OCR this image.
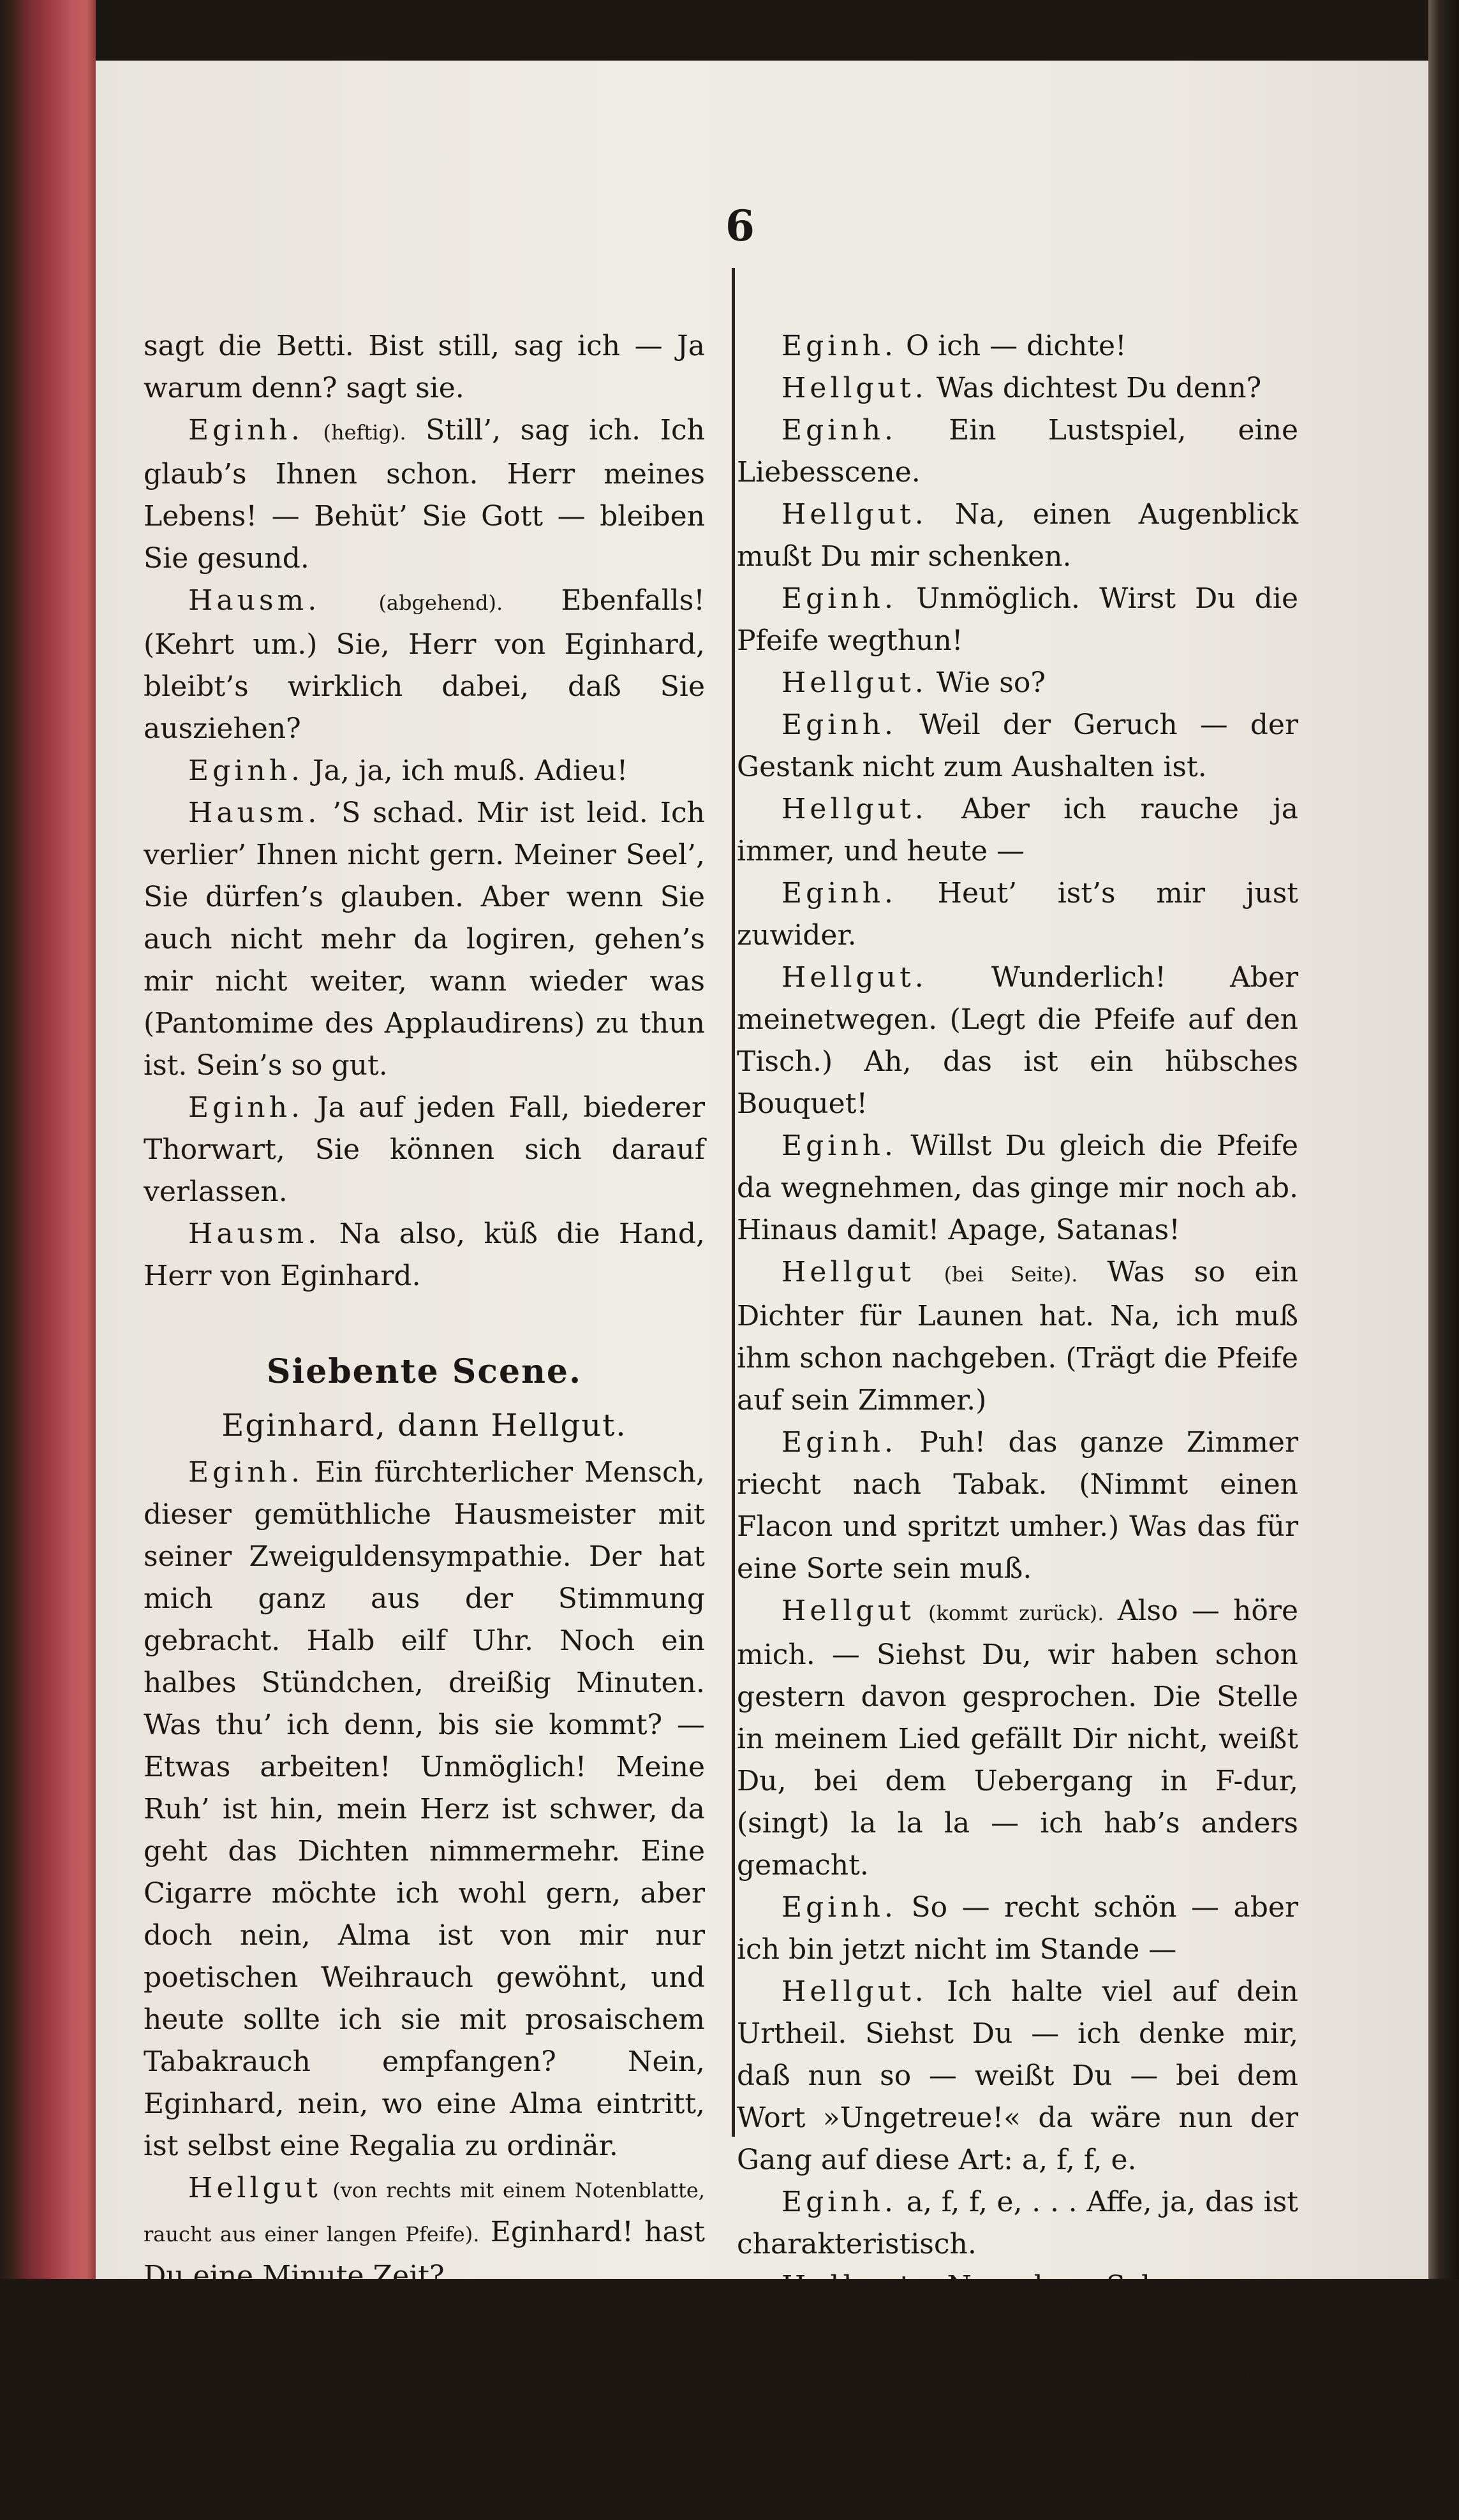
6

sagt die Betti. Bist still, sag ich — Ja warum denn? sagt sie.

Eginh. (heftig). Still’, sag ich. Ich glaub’s Ihnen schon. Herr meines Lebens! — Behüt’ Sie Gott — bleiben Sie gesund.

Hausm.	(abgehend). Ebenfalls! (Kehrt um.) Sie, Herr von Eginhard, bleibt’s wirklich dabei, daß Sie ausziehen?

Eginh. Ja, ja, ich muß. Adieu!

Hausm. ’S schad. Mir ist leid. Ich verlier’ Ihnen nicht gern. Meiner Seel’, Sie dürfen’s glauben. Aber wenn Sie auch nicht mehr da logiren, gehen’s mir nicht weiter, wann wieder was (Pantomime des Applaudirens) zu thun ist. Sein’s so gut.

Eginh. Ja auf jeden Fall, biederer Thorwart, Sie können sich darauf verlassen.

Hausm. Na also, küß die Hand, Herr von Eginhard.

Siebente Scene.
Eginhard, dann Hellgut.

Eginh. Ein fürchterlicher Mensch, dieser gemüthliche Hausmeister mit seiner Zweiguldensympathie. Der hat mich ganz aus der Stimmung gebracht. Halb eilf Uhr. Noch ein halbes Stündchen, dreißig Minuten. Was thu’ ich denn, bis sie kommt? — Etwas arbeiten! Unmöglich! Meine Ruh’ ist hin, mein Herz ist schwer, da geht das Dichten nimmermehr. Eine Cigarre möchte ich wohl gern, aber doch nein, Alma ist von mir nur poetischen Weihrauch gewöhnt, und heute sollte ich sie mit prosaischem Tabakrauch empfangen? Nein, Eginhard, nein, wo eine Alma eintritt, ist selbst eine Regalia zu ordinär.

Hellgut (von rechts mit einem Notenblatte, raucht aus einer langen Pfeife). Eginhard! hast Du eine Minute Zeit?

Eginh. Nein, lieber Freund, unmöglich, Du kommst ungelegen.

Hellgut. Ah! das thut nichts, Du thust ja nichts.

Eginh. O ich — dichte!

Hellgut. Was dichtest Du denn?

Eginh. Ein Lustspiel, eine Liebesscene.

Hellgut. Na, einen Augenblick mußt Du mir schenken.

Eginh. Unmöglich. Wirst Du die Pfeife wegthun!

Hellgut. Wie so?

Eginh. Weil der Geruch — der Gestank nicht zum Aushalten ist.

Hellgut. Aber ich rauche ja immer, und heute —

Eginh. Heut’ ist’s mir just zuwider.

Hellgut. Wunderlich! Aber meinetwegen. (Legt die Pfeife auf den Tisch.) Ah, das ist ein hübsches Bouquet!

Eginh. Willst Du gleich die Pfeife da wegnehmen, das ginge mir noch ab. Hinaus damit! Apage, Satanas!

Hellgut (bei Seite). Was so ein Dichter für Launen hat. Na, ich muß ihm schon nachgeben. (Trägt die Pfeife auf sein Zimmer.)

Eginh. Puh! das ganze Zimmer riecht nach Tabak. (Nimmt einen Flacon und spritzt umher.) Was das für eine Sorte sein muß.

Hellgut (kommt zurück). Also — höre mich. — Siehst Du, wir haben schon gestern davon gesprochen. Die Stelle in meinem Lied gefällt Dir nicht, weißt Du, bei dem Uebergang in F-dur, (singt) la la la — ich hab’s anders gemacht.

Eginh. So — recht schön — aber ich bin jetzt nicht im Stande —

Hellgut. Ich halte viel auf dein Urtheil. Siehst Du — ich denke mir, daß nun so — weißt Du — bei dem Wort »Ungetreue!« da wäre nun der Gang auf diese Art: a, f, f, e.

Eginh. a, f, f, e, . . . Affe, ja, das ist charakteristisch.

Hellgut. Na, ohne Scherz, sage mir deine offene Meinung —

Eginh.	(ungeduldig). O! ganz einverstanden — —

Hellgut. Nein, ich seh’ Dir’s an, Du denkst Dir etwas Anderes.
